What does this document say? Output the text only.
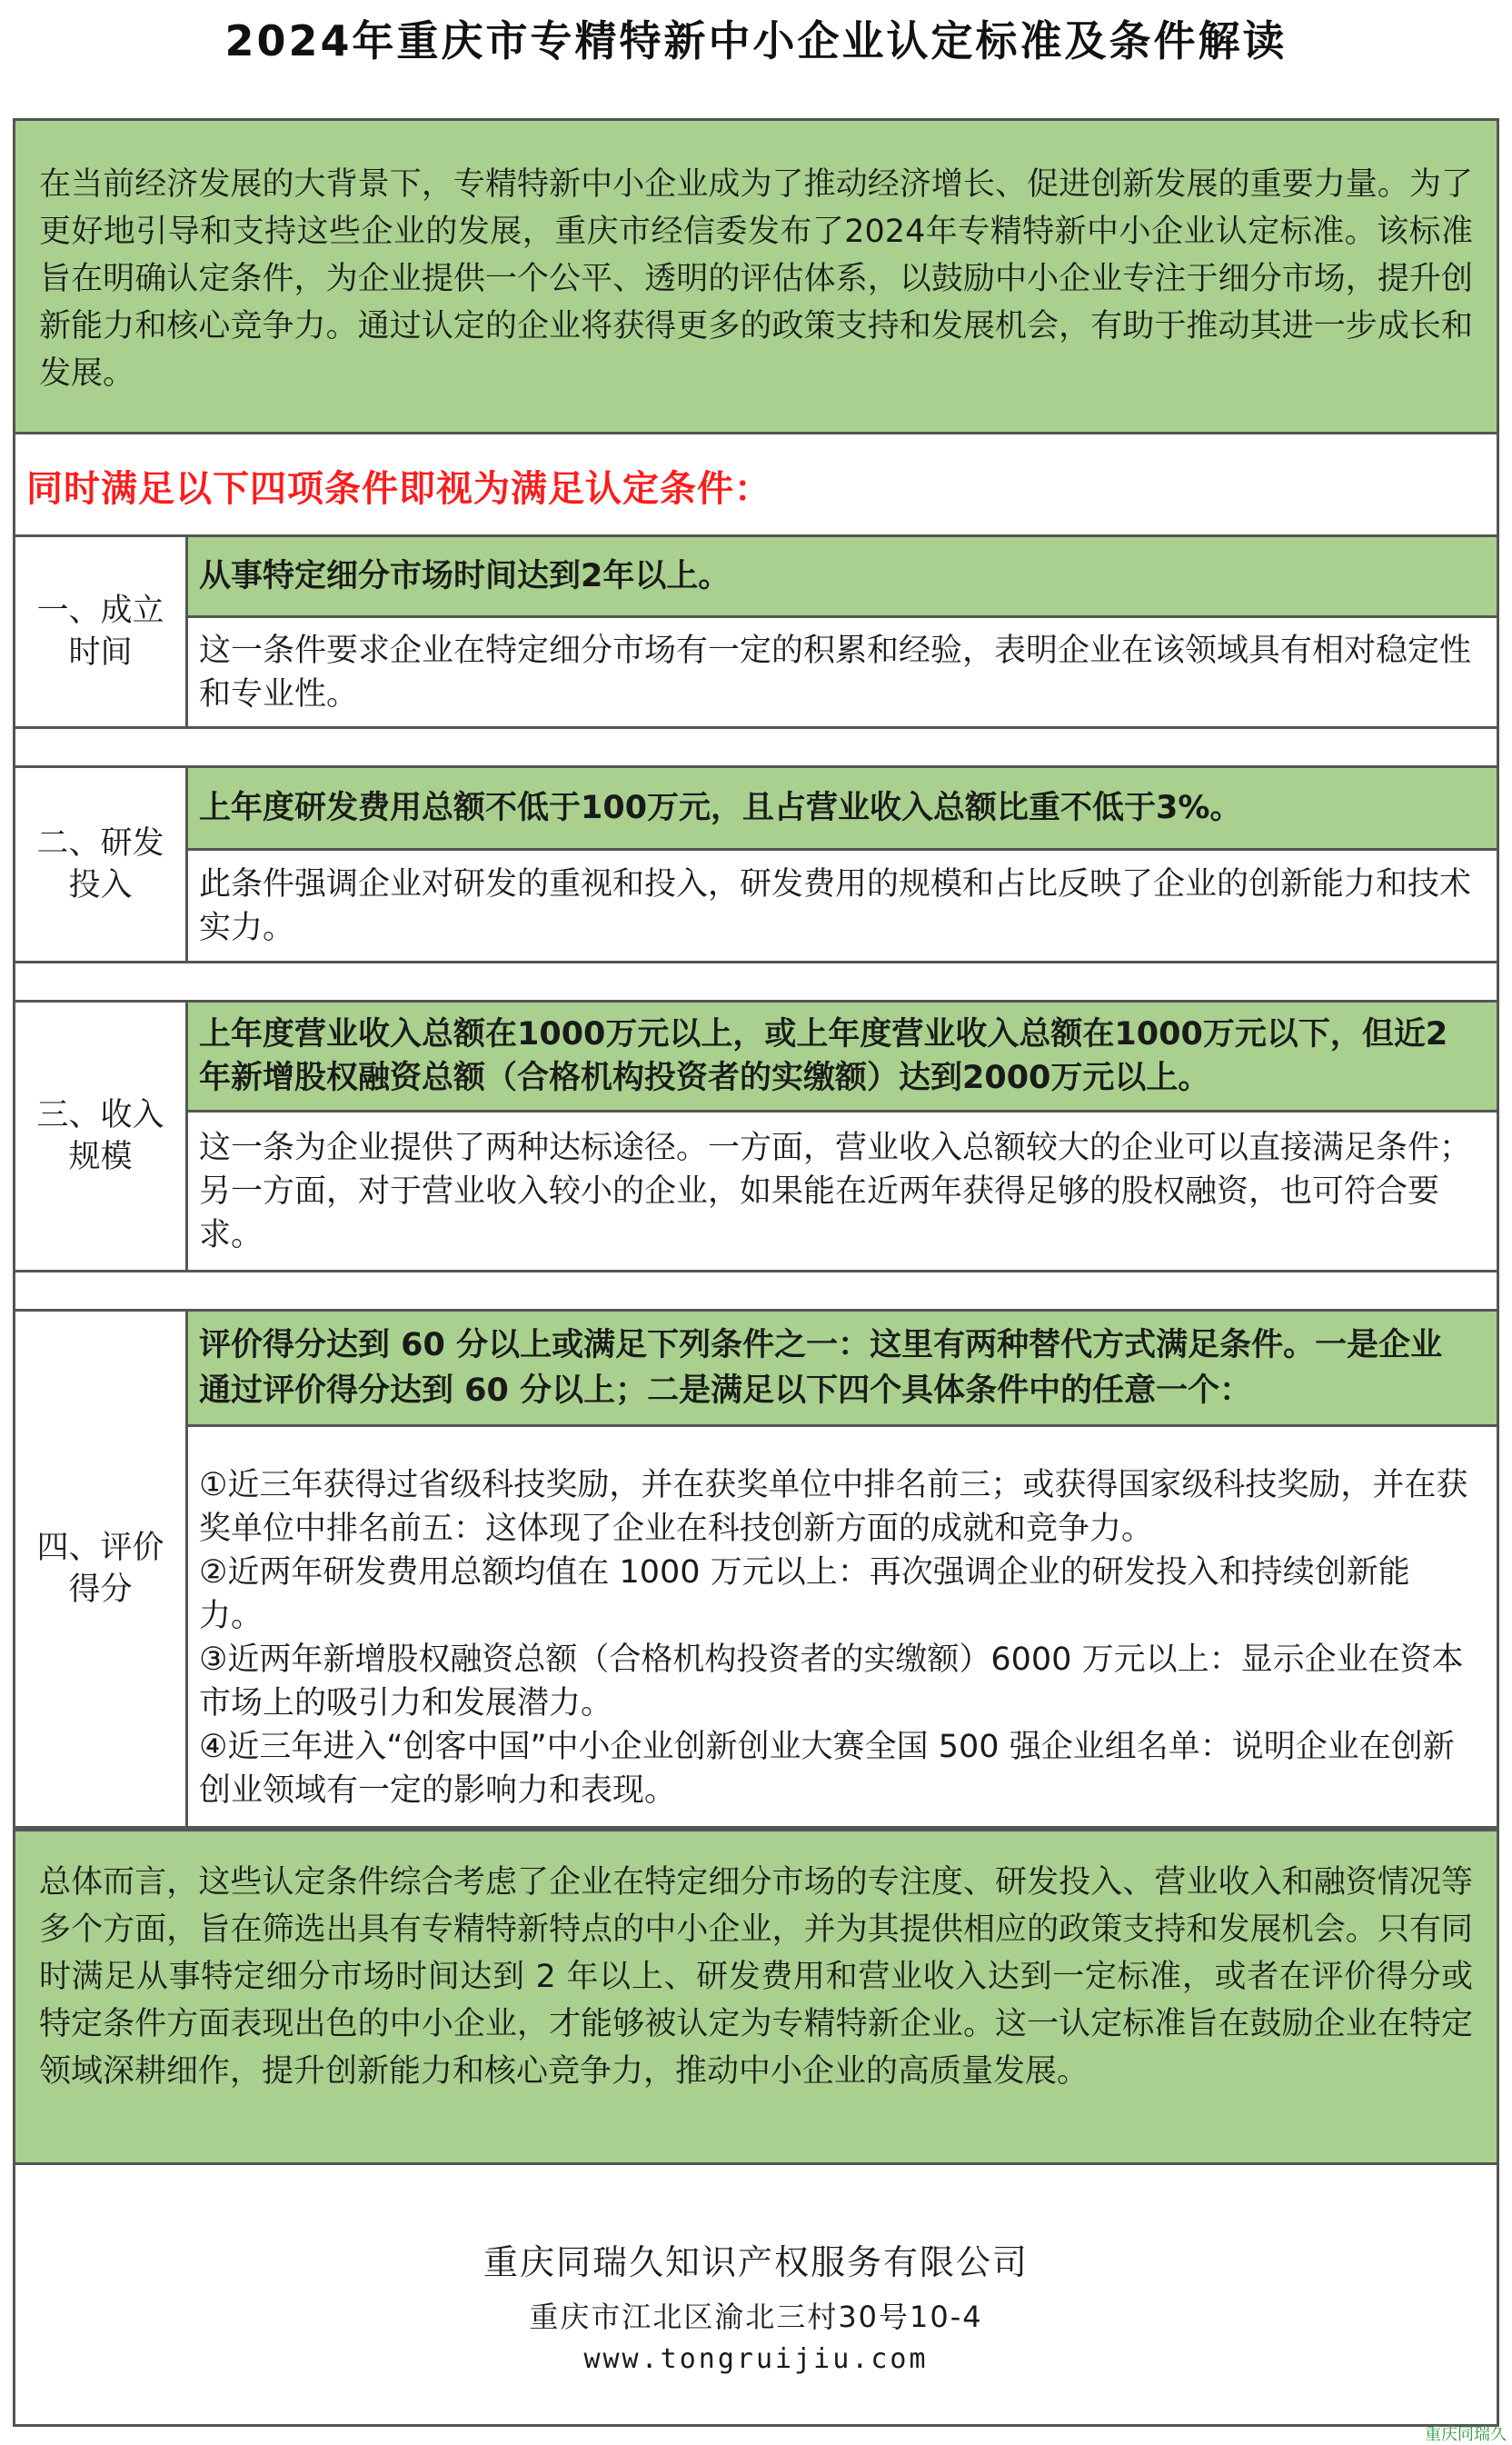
2024年重庆市专精特新中小企业认定标准及条件解读
在当前经济发展的大背景下，专精特新中小企业成为了推动经济增长、促进创新发展的重要力量。为了更好地引导和支持这些企业的发展，重庆市经信委发布了2024年专精特新中小企业认定标准。该标准旨在明确认定条件，为企业提供一个公平、透明的评估体系，以鼓励中小企业专注于细分市场，提升创新能力和核心竞争力。通过认定的企业将获得更多的政策支持和发展机会，有助于推动其进一步成长和发展。
同时满足以下四项条件即视为满足认定条件：
一、成立
时间
从事特定细分市场时间达到2年以上。
这一条件要求企业在特定细分市场有一定的积累和经验，表明企业在该领域具有相对稳定性和专业性。
二、研发
投入
上年度研发费用总额不低于100万元，且占营业收入总额比重不低于3%。
此条件强调企业对研发的重视和投入，研发费用的规模和占比反映了企业的创新能力和技术实力。
三、收入
规模
上年度营业收入总额在1000万元以上，或上年度营业收入总额在1000万元以下，但近2年新增股权融资总额（合格机构投资者的实缴额）达到2000万元以上。
这一条为企业提供了两种达标途径。一方面，营业收入总额较大的企业可以直接满足条件；另一方面，对于营业收入较小的企业，如果能在近两年获得足够的股权融资，也可符合要求。
四、评价
得分
评价得分达到 60 分以上或满足下列条件之一：这里有两种替代方式满足条件。一是企业通过评价得分达到 60 分以上；二是满足以下四个具体条件中的任意一个：
①近三年获得过省级科技奖励，并在获奖单位中排名前三；或获得国家级科技奖励，并在获奖单位中排名前五：这体现了企业在科技创新方面的成就和竞争力。
②近两年研发费用总额均值在 1000 万元以上：再次强调企业的研发投入和持续创新能力。
③近两年新增股权融资总额（合格机构投资者的实缴额）6000 万元以上：显示企业在资本市场上的吸引力和发展潜力。
④近三年进入“创客中国”中小企业创新创业大赛全国 500 强企业组名单：说明企业在创新创业领域有一定的影响力和表现。
总体而言，这些认定条件综合考虑了企业在特定细分市场的专注度、研发投入、营业收入和融资情况等多个方面，旨在筛选出具有专精特新特点的中小企业，并为其提供相应的政策支持和发展机会。只有同时满足从事特定细分市场时间达到 2 年以上、研发费用和营业收入达到一定标准，或者在评价得分或特定条件方面表现出色的中小企业，才能够被认定为专精特新企业。这一认定标准旨在鼓励企业在特定领域深耕细作，提升创新能力和核心竞争力，推动中小企业的高质量发展。
重庆同瑞久知识产权服务有限公司
重庆市江北区渝北三村30号10-4
www.tongruijiu.com
重庆同瑞久
